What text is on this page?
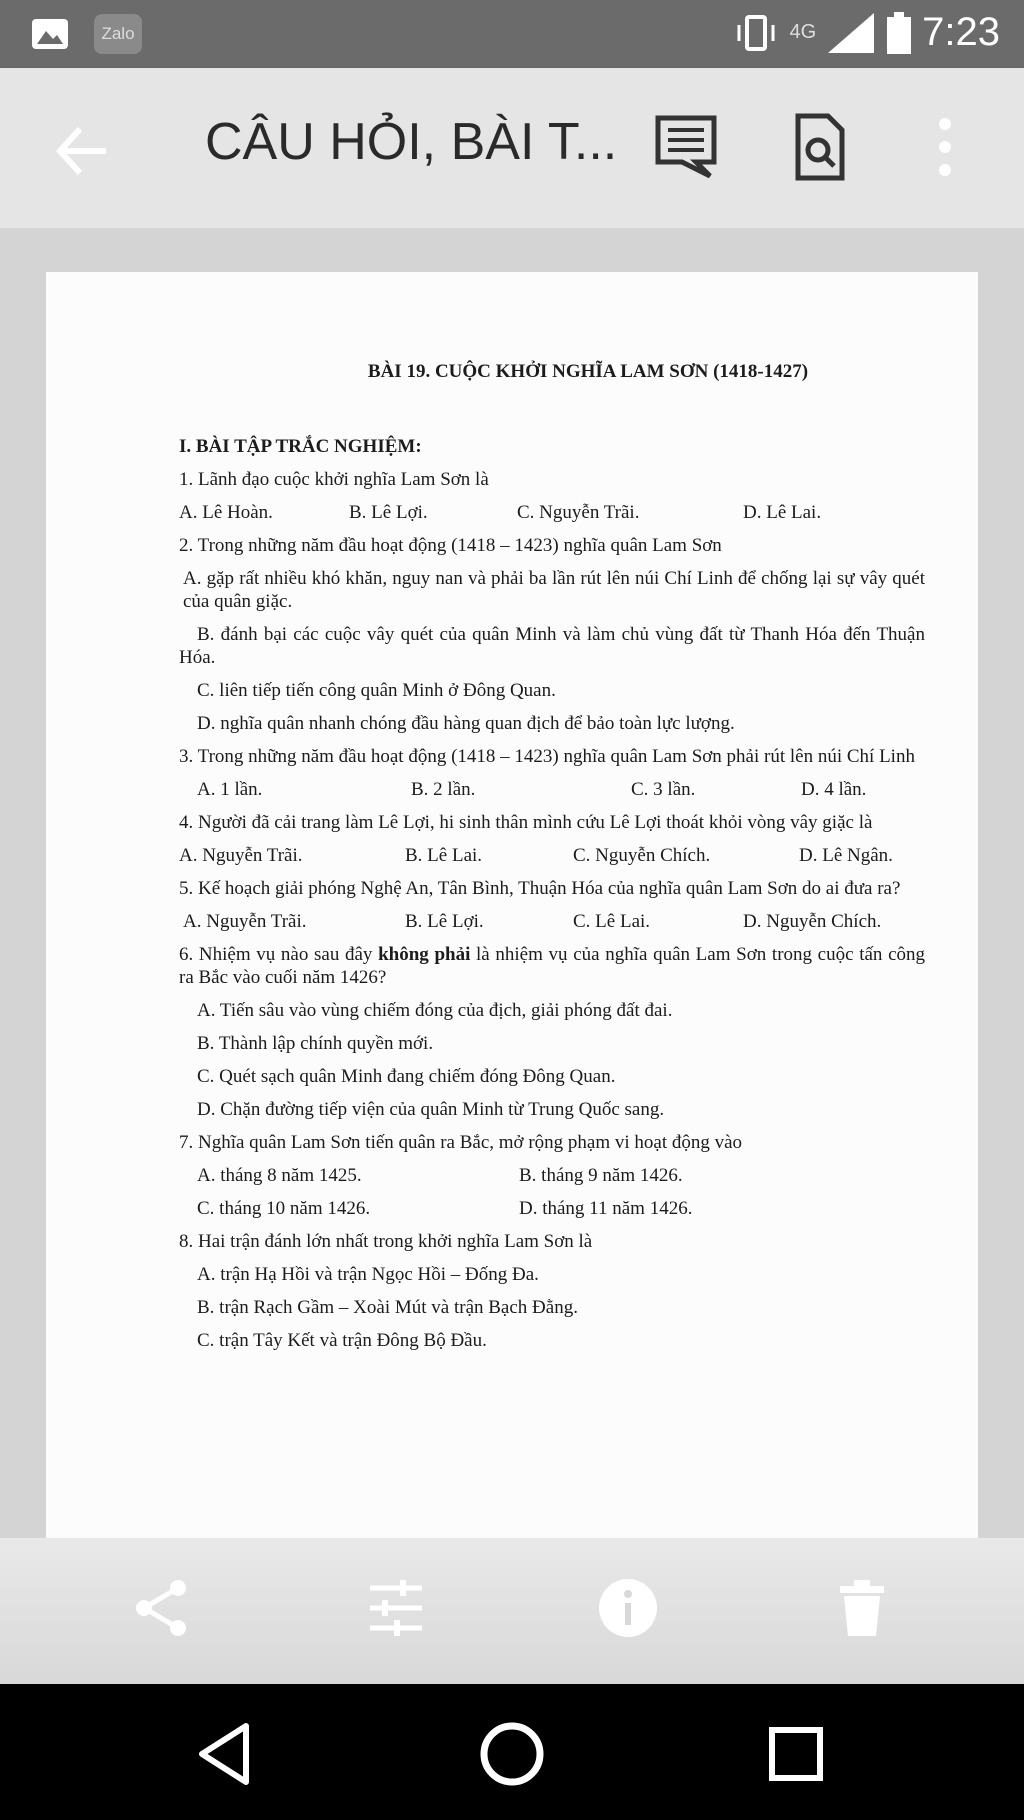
Zalo	4G	7:23
CÂU HỎI, BÀI T...
BÀI 19. CUỘC KHỞI NGHĨA LAM SƠN (1418-1427)
I. BÀI TẬP TRẮC NGHIỆM:
1. Lãnh đạo cuộc khởi nghĩa Lam Sơn là
A. Lê Hoàn.	B. Lê Lợi.	C. Nguyễn Trãi.	D. Lê Lai.
2. Trong những năm đầu hoạt động (1418 – 1423) nghĩa quân Lam Sơn
A. gặp rất nhiều khó khăn, nguy nan và phải ba lần rút lên núi Chí Linh để chống lại sự vây quét của quân giặc.
B. đánh bại các cuộc vây quét của quân Minh và làm chủ vùng đất từ Thanh Hóa đến Thuận Hóa.
C. liên tiếp tiến công quân Minh ở Đông Quan.
D. nghĩa quân nhanh chóng đầu hàng quan địch để bảo toàn lực lượng.
3. Trong những năm đầu hoạt động (1418 – 1423) nghĩa quân Lam Sơn phải rút lên núi Chí Linh
A. 1 lần.	B. 2 lần.	C. 3 lần.	D. 4 lần.
4. Người đã cải trang làm Lê Lợi, hi sinh thân mình cứu Lê Lợi thoát khỏi vòng vây giặc là
A. Nguyễn Trãi.	B. Lê Lai.	C. Nguyễn Chích.	D. Lê Ngân.
5. Kế hoạch giải phóng Nghệ An, Tân Bình, Thuận Hóa của nghĩa quân Lam Sơn do ai đưa ra?
A. Nguyễn Trãi.	B. Lê Lợi.	C. Lê Lai.	D. Nguyễn Chích.
6. Nhiệm vụ nào sau đây không phải là nhiệm vụ của nghĩa quân Lam Sơn trong cuộc tấn công ra Bắc vào cuối năm 1426?
A. Tiến sâu vào vùng chiếm đóng của địch, giải phóng đất đai.
B. Thành lập chính quyền mới.
C. Quét sạch quân Minh đang chiếm đóng Đông Quan.
D. Chặn đường tiếp viện của quân Minh từ Trung Quốc sang.
7. Nghĩa quân Lam Sơn tiến quân ra Bắc, mở rộng phạm vi hoạt động vào
A. tháng 8 năm 1425.	B. tháng 9 năm 1426.
C. tháng 10 năm 1426.	D. tháng 11 năm 1426.
8. Hai trận đánh lớn nhất trong khởi nghĩa Lam Sơn là
A. trận Hạ Hồi và trận Ngọc Hồi – Đống Đa.
B. trận Rạch Gầm – Xoài Mút và trận Bạch Đằng.
C. trận Tây Kết và trận Đông Bộ Đầu.
